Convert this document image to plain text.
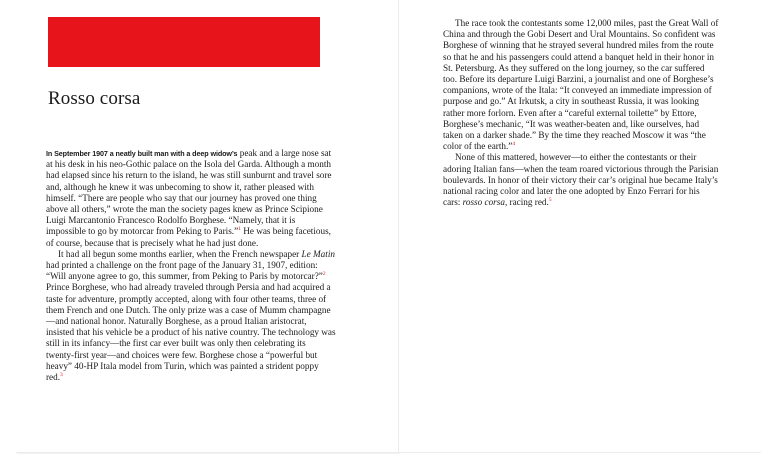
Rosso corsa

In September 1907 a neatly built man with a deep widow’s peak and a large nose sat at his desk in his neo-Gothic palace on the Isola del Garda. Although a month had elapsed since his return to the island, he was still sunburnt and travel sore and, although he knew it was unbecoming to show it, rather pleased with himself. “There are people who say that our journey has proved one thing above all others,” wrote the man the society pages knew as Prince Scipione Luigi Marcantonio Francesco Rodolfo Borghese. “Namely, that it is impossible to go by motorcar from Peking to Paris.”$^1$ He was being facetious, of course, because that is precisely what he had just done.

It had all begun some months earlier, when the French newspaper Le Matin had printed a challenge on the front page of the January 31, 1907, edition: “Will anyone agree to go, this summer, from Peking to Paris by motorcar?”$^2$ Prince Borghese, who had already traveled through Persia and had acquired a taste for adventure, promptly accepted, along with four other teams, three of them French and one Dutch. The only prize was a case of Mumm champagne—and national honor. Naturally Borghese, as a proud Italian aristocrat, insisted that his vehicle be a product of his native country. The technology was still in its infancy—the first car ever built was only then celebrating its twenty-first year—and choices were few. Borghese chose a “powerful but heavy” 40-HP Itala model from Turin, which was painted a strident poppy red.$^3$

The race took the contestants some 12,000 miles, past the Great Wall of China and through the Gobi Desert and Ural Mountains. So confident was Borghese of winning that he strayed several hundred miles from the route so that he and his passengers could attend a banquet held in their honor in St. Petersburg. As they suffered on the long journey, so the car suffered too. Before its departure Luigi Barzini, a journalist and one of Borghese’s companions, wrote of the Itala: “It conveyed an immediate impression of purpose and go.” At Irkutsk, a city in southeast Russia, it was looking rather more forlorn. Even after a “careful external toilette” by Ettore, Borghese’s mechanic, “It was weather-beaten and, like ourselves, had taken on a darker shade.” By the time they reached Moscow it was “the color of the earth.”$^4$

None of this mattered, however—to either the contestants or their adoring Italian fans—when the team roared victorious through the Parisian boulevards. In honor of their victory their car’s original hue became Italy’s national racing color and later the one adopted by Enzo Ferrari for his cars: rosso corsa, racing red.$^5$
